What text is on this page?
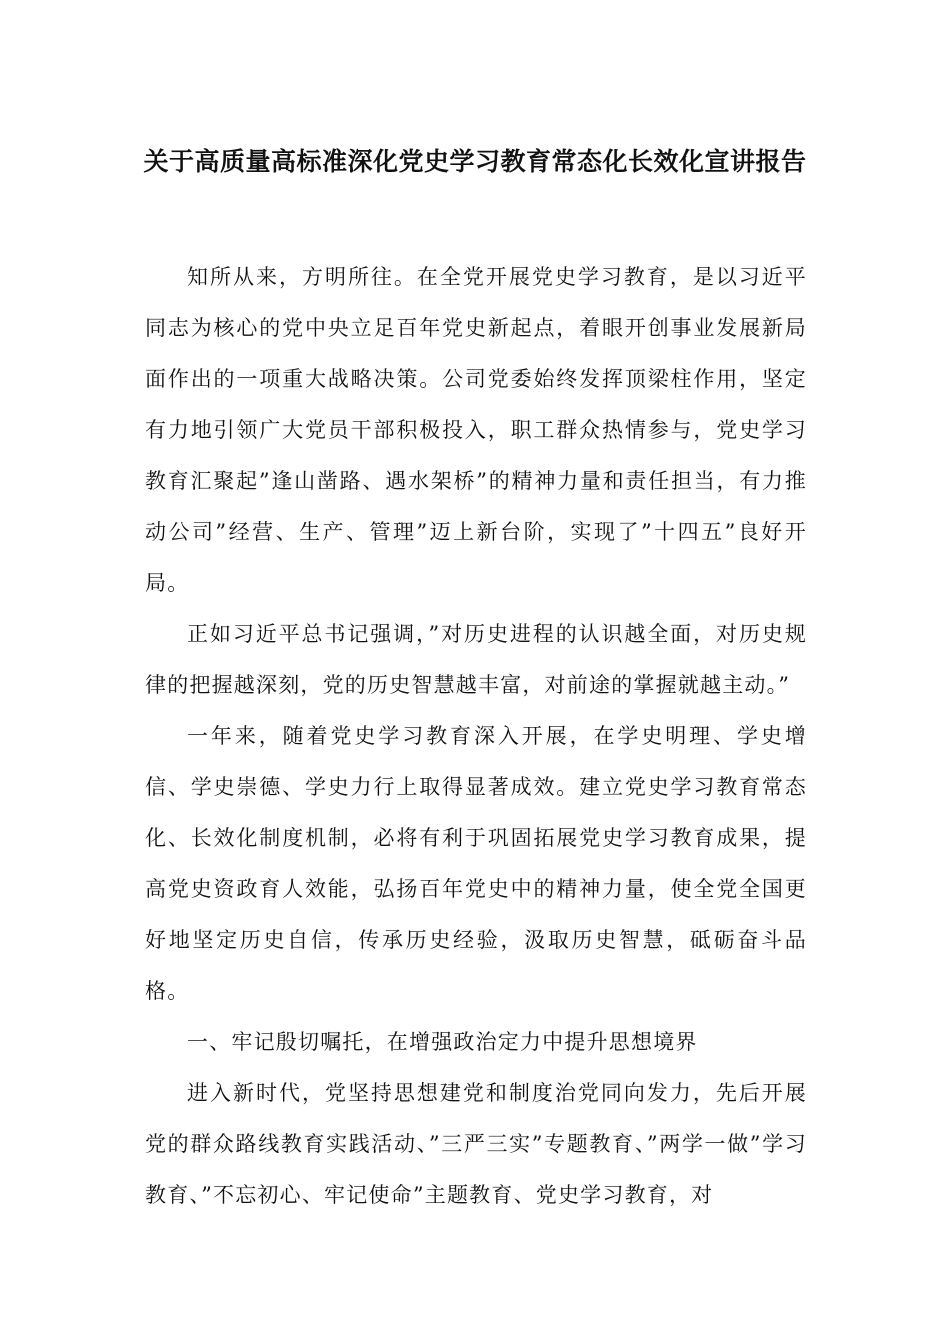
关于高质量高标准深化党史学习教育常态化长效化宣讲报告

知所从来，方明所往。在全党开展党史学习教育，是以习近平同志为核心的党中央立足百年党史新起点，着眼开创事业发展新局面作出的一项重大战略决策。公司党委始终发挥顶梁柱作用，坚定有力地引领广大党员干部积极投入，职工群众热情参与，党史学习教育汇聚起”逢山凿路、遇水架桥”的精神力量和责任担当，有力推动公司”经营、生产、管理”迈上新台阶，实现了”十四五”良好开局。

正如习近平总书记强调，”对历史进程的认识越全面，对历史规律的把握越深刻，党的历史智慧越丰富，对前途的掌握就越主动。”

一年来，随着党史学习教育深入开展，在学史明理、学史增信、学史崇德、学史力行上取得显著成效。建立党史学习教育常态化、长效化制度机制，必将有利于巩固拓展党史学习教育成果，提高党史资政育人效能，弘扬百年党史中的精神力量，使全党全国更好地坚定历史自信，传承历史经验，汲取历史智慧，砥砺奋斗品格。

一、牢记殷切嘱托，在增强政治定力中提升思想境界

进入新时代，党坚持思想建党和制度治党同向发力，先后开展党的群众路线教育实践活动、”三严三实”专题教育、”两学一做”学习教育、”不忘初心、牢记使命”主题教育、党史学习教育，对
